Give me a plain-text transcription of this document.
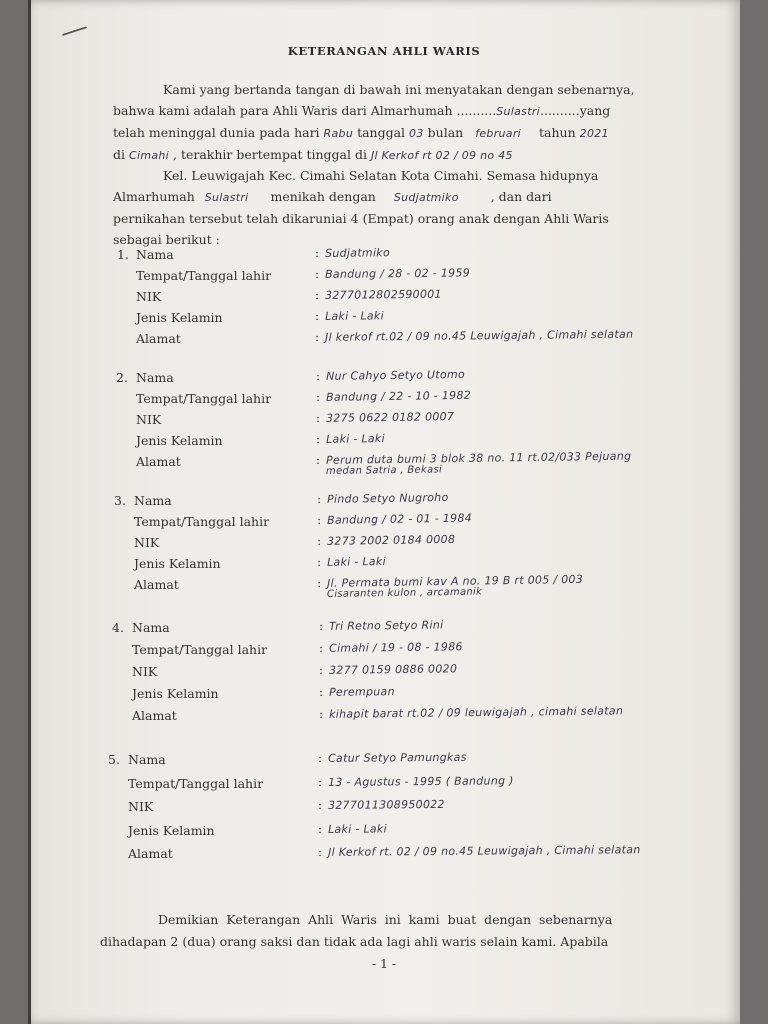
KETERANGAN AHLI WARIS
Kami yang bertanda tangan di bawah ini menyatakan dengan sebenarnya,
bahwa kami adalah para Ahli Waris dari Almarhumah ..........Sulastri..........yang
telah meninggal dunia pada hari Rabu tanggal 03 bulan februari tahun 2021
di Cimahi , terakhir bertempat tinggal di Jl Kerkof rt 02 / 09 no 45
Kel. Leuwigajah Kec. Cimahi Selatan Kota Cimahi. Semasa hidupnya
Almarhumah Sulastri menikah dengan Sudjatmiko	, dan dari
pernikahan tersebut telah dikaruniai 4 (Empat) orang anak dengan Ahli Waris
sebagai berikut :
1. Nama	: Sudjatmiko
Tempat/Tanggal lahir	: Bandung / 28 - 02 - 1959
NIK	: 3277012802590001
Jenis Kelamin	: Laki - Laki
Alamat	: Jl kerkof rt.02 / 09 no.45 Leuwigajah , Cimahi selatan
2. Nama	: Nur Cahyo Setyo Utomo
Tempat/Tanggal lahir	: Bandung / 22 - 10 - 1982
NIK	: 3275 0622 0182 0007
Jenis Kelamin	: Laki - Laki
Alamat	: Perum duta bumi 3 blok 38 no. 11 rt.02/033 Pejuang
medan Satria , Bekasi
3. Nama	: Pindo Setyo Nugroho
Tempat/Tanggal lahir	: Bandung / 02 - 01 - 1984
NIK	: 3273 2002 0184 0008
Jenis Kelamin	: Laki - Laki
Alamat	: Jl. Permata bumi kav A no. 19 B rt 005 / 003
Cisaranten kulon , arcamanik
4. Nama	: Tri Retno Setyo Rini
Tempat/Tanggal lahir	: Cimahi / 19 - 08 - 1986
NIK	: 3277 0159 0886 0020
Jenis Kelamin	: Perempuan
Alamat	: kihapit barat rt.02 / 09 leuwigajah , cimahi selatan
5. Nama	: Catur Setyo Pamungkas
Tempat/Tanggal lahir	: 13 - Agustus - 1995 ( Bandung )
NIK	: 3277011308950022
Jenis Kelamin	: Laki - Laki
Alamat	: Jl Kerkof rt. 02 / 09 no.45 Leuwigajah , Cimahi selatan
Demikian Keterangan Ahli Waris ini kami buat dengan sebenarnya
dihadapan 2 (dua) orang saksi dan tidak ada lagi ahli waris selain kami. Apabila
- 1 -
